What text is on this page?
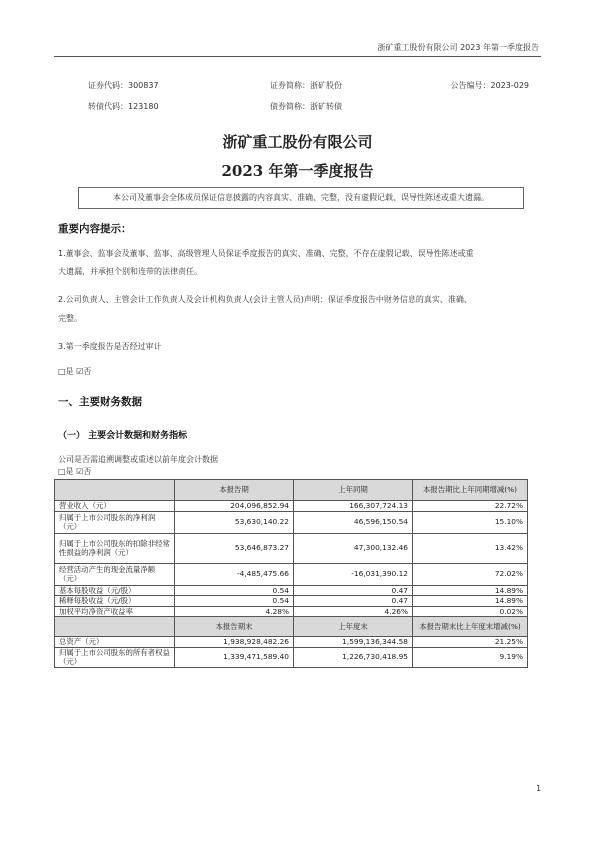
浙矿重工股份有限公司 2023 年第一季度报告
证券代码：300837	证券简称：浙矿股份	公告编号：2023-029
转债代码：123180	债券简称：浙矿转债
浙矿重工股份有限公司
2023 年第一季度报告
本公司及董事会全体成员保证信息披露的内容真实、准确、完整，没有虚假记载、误导性陈述或重大遗漏。
重要内容提示：
1.董事会、监事会及董事、监事、高级管理人员保证季度报告的真实、准确、完整，不存在虚假记载、误导性陈述或重
大遗漏，并承担个别和连带的法律责任。
2.公司负责人、主管会计工作负责人及会计机构负责人(会计主管人员)声明：保证季度报告中财务信息的真实、准确、
完整。
3.第一季度报告是否经过审计
□是 ☑否
一、主要财务数据
（一） 主要会计数据和财务指标
公司是否需追溯调整或重述以前年度会计数据
□是 ☑否
	本报告期	上年同期	本报告期比上年同期增减(%)
营业收入（元）	204,096,852.94	166,307,724.13	22.72%
归属于上市公司股东的净利润（元）	53,630,140.22	46,596,150.54	15.10%
归属于上市公司股东的扣除非经常性损益的净利润（元）	53,646,873.27	47,300,132.46	13.42%
经营活动产生的现金流量净额（元）	-4,485,475.66	-16,031,390.12	72.02%
基本每股收益（元/股）	0.54	0.47	14.89%
稀释每股收益（元/股）	0.54	0.47	14.89%
加权平均净资产收益率	4.28%	4.26%	0.02%
	本报告期末	上年度末	本报告期末比上年度末增减(%)
总资产（元）	1,938,928,482.26	1,599,136,344.58	21.25%
归属于上市公司股东的所有者权益（元）	1,339,471,589.40	1,226,730,418.95	9.19%
1
